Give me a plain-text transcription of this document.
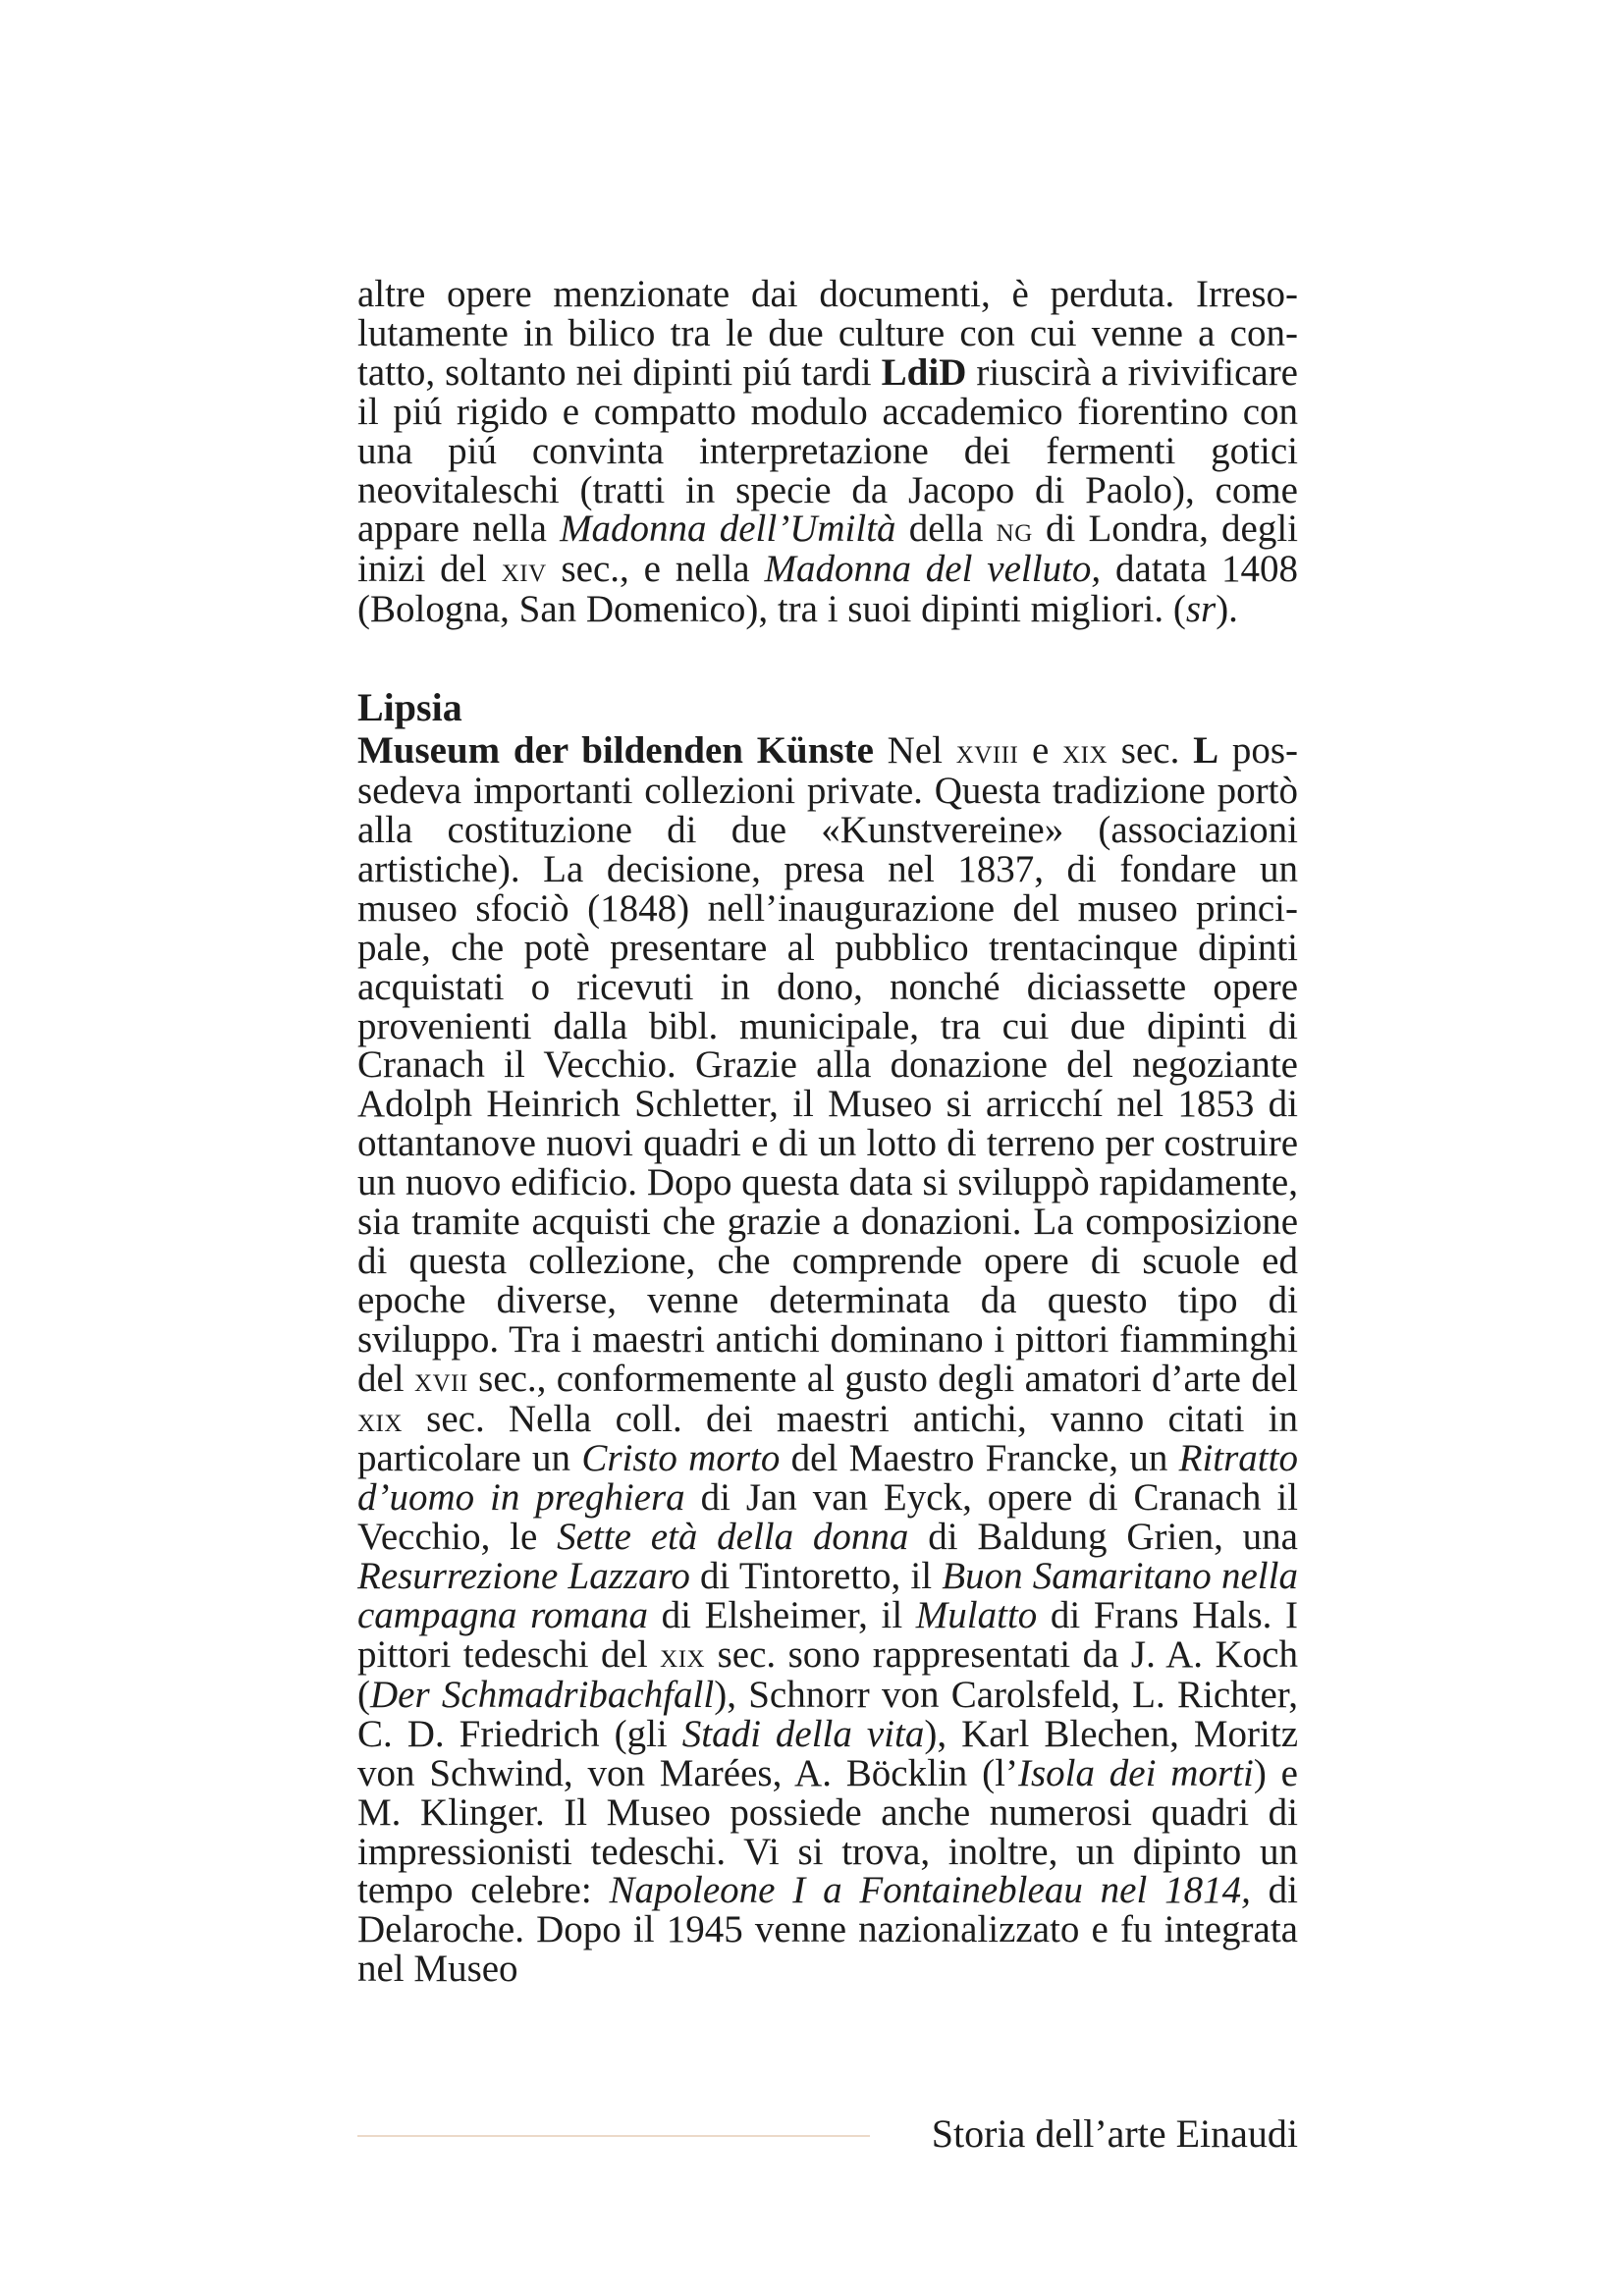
altre opere menzionate dai documenti, è perduta. Irresolutamente in bilico tra le due culture con cui venne a contatto, soltanto nei dipinti piú tardi LdiD riuscirà a rivivificare il piú rigido e compatto modulo accademico fiorentino con una piú convinta interpretazione dei fermenti gotici neovitaleschi (tratti in specie da Jacopo di Paolo), come appare nella Madonna dell’Umiltà della ng di Londra, degli inizi del xiv sec., e nella Madonna del velluto, datata 1408 (Bologna, San Domenico), tra i suoi dipinti migliori. (sr).

Lipsia

Museum der bildenden Künste Nel xviii e xix sec. L possedeva importanti collezioni private. Questa tradizione portò alla costituzione di due «Kunstvereine» (associazioni artistiche). La decisione, presa nel 1837, di fondare un museo sfociò (1848) nell’inaugurazione del museo principale, che potè presentare al pubblico trentacinque dipinti acquistati o ricevuti in dono, nonché diciassette opere provenienti dalla bibl. municipale, tra cui due dipinti di Cranach il Vecchio. Grazie alla donazione del negoziante Adolph Heinrich Schletter, il Museo si arricchí nel 1853 di ottantanove nuovi quadri e di un lotto di terreno per costruire un nuovo edificio. Dopo questa data si sviluppò rapidamente, sia tramite acquisti che grazie a donazioni. La composizione di questa collezione, che comprende opere di scuole ed epoche diverse, venne determinata da questo tipo di sviluppo. Tra i maestri antichi dominano i pittori fiamminghi del xvii sec., conformemente al gusto degli amatori d’arte del xix sec. Nella coll. dei maestri antichi, vanno citati in particolare un Cristo morto del Maestro Francke, un Ritratto d’uomo in preghiera di Jan van Eyck, opere di Cranach il Vecchio, le Sette età della donna di Baldung Grien, una Resurrezione Lazzaro di Tintoretto, il Buon Samaritano nella campagna romana di Elsheimer, il Mulatto di Frans Hals. I pittori tedeschi del xix sec. sono rappresentati da J. A. Koch (Der Schmadribachfall), Schnorr von Carolsfeld, L. Richter, C. D. Friedrich (gli Stadi della vita), Karl Blechen, Moritz von Schwind, von Marées, A. Böcklin (l’Isola dei morti) e M. Klinger. Il Museo possiede anche numerosi quadri di impressionisti tedeschi. Vi si trova, inoltre, un dipinto un tempo celebre: Napoleone I a Fontainebleau nel 1814, di Delaroche. Dopo il 1945 venne nazionalizzato e fu integrata nel Museo

Storia dell’arte Einaudi
